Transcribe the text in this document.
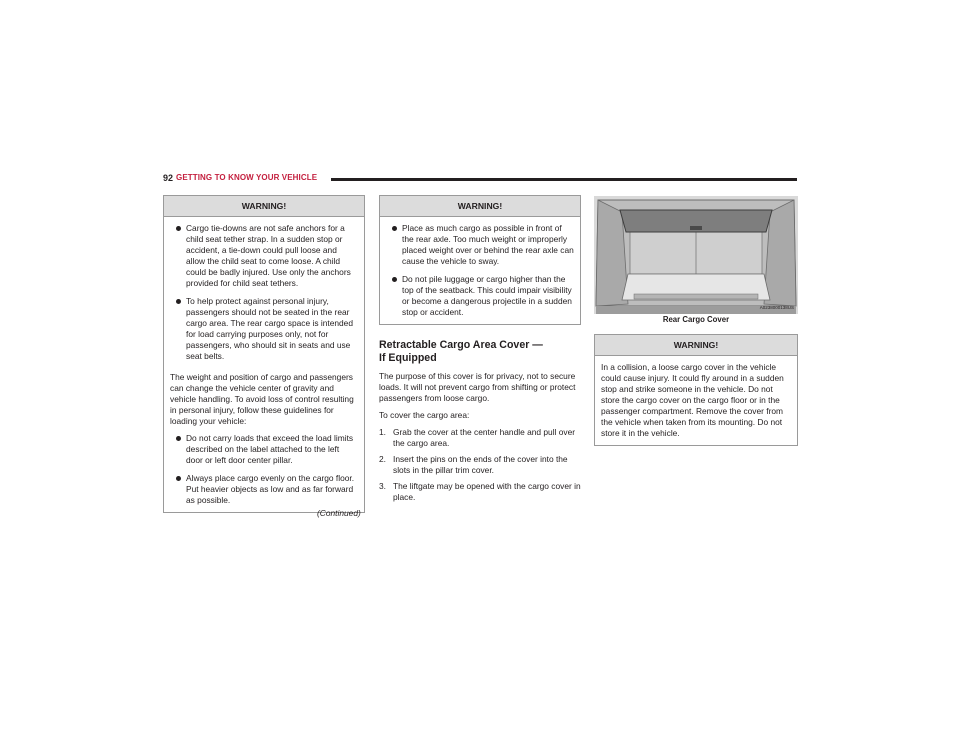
92 GETTING TO KNOW YOUR VEHICLE
WARNING!
Cargo tie-downs are not safe anchors for a child seat tether strap. In a sudden stop or accident, a tie-down could pull loose and allow the child seat to come loose. A child could be badly injured. Use only the anchors provided for child seat tethers.
To help protect against personal injury, passengers should not be seated in the rear cargo area. The rear cargo space is intended for load carrying purposes only, not for passengers, who should sit in seats and use seat belts.

The weight and position of cargo and passengers can change the vehicle center of gravity and vehicle handling. To avoid loss of control resulting in personal injury, follow these guidelines for loading your vehicle:

Do not carry loads that exceed the load limits described on the label attached to the left door or left door center pillar.
Always place cargo evenly on the cargo floor. Put heavier objects as low and as far forward as possible.
(Continued)
WARNING!
Place as much cargo as possible in front of the rear axle. Too much weight or improperly placed weight over or behind the rear axle can cause the vehicle to sway.
Do not pile luggage or cargo higher than the top of the seatback. This could impair visibility or become a dangerous projectile in a sudden stop or accident.
Retractable Cargo Area Cover —
If Equipped

The purpose of this cover is for privacy, not to secure loads. It will not prevent cargo from shifting or protect passengers from loose cargo.

To cover the cargo area:

1. Grab the cover at the center handle and pull over the cargo area.
2. Insert the pins on the ends of the cover into the slots in the pillar trim cover.
3. The liftgate may be opened with the cargo cover in place.
A0238000138US
Rear Cargo Cover
WARNING!

In a collision, a loose cargo cover in the vehicle could cause injury. It could fly around in a sudden stop and strike someone in the vehicle. Do not store the cargo cover on the cargo floor or in the passenger compartment. Remove the cover from the vehicle when taken from its mounting. Do not store it in the vehicle.
